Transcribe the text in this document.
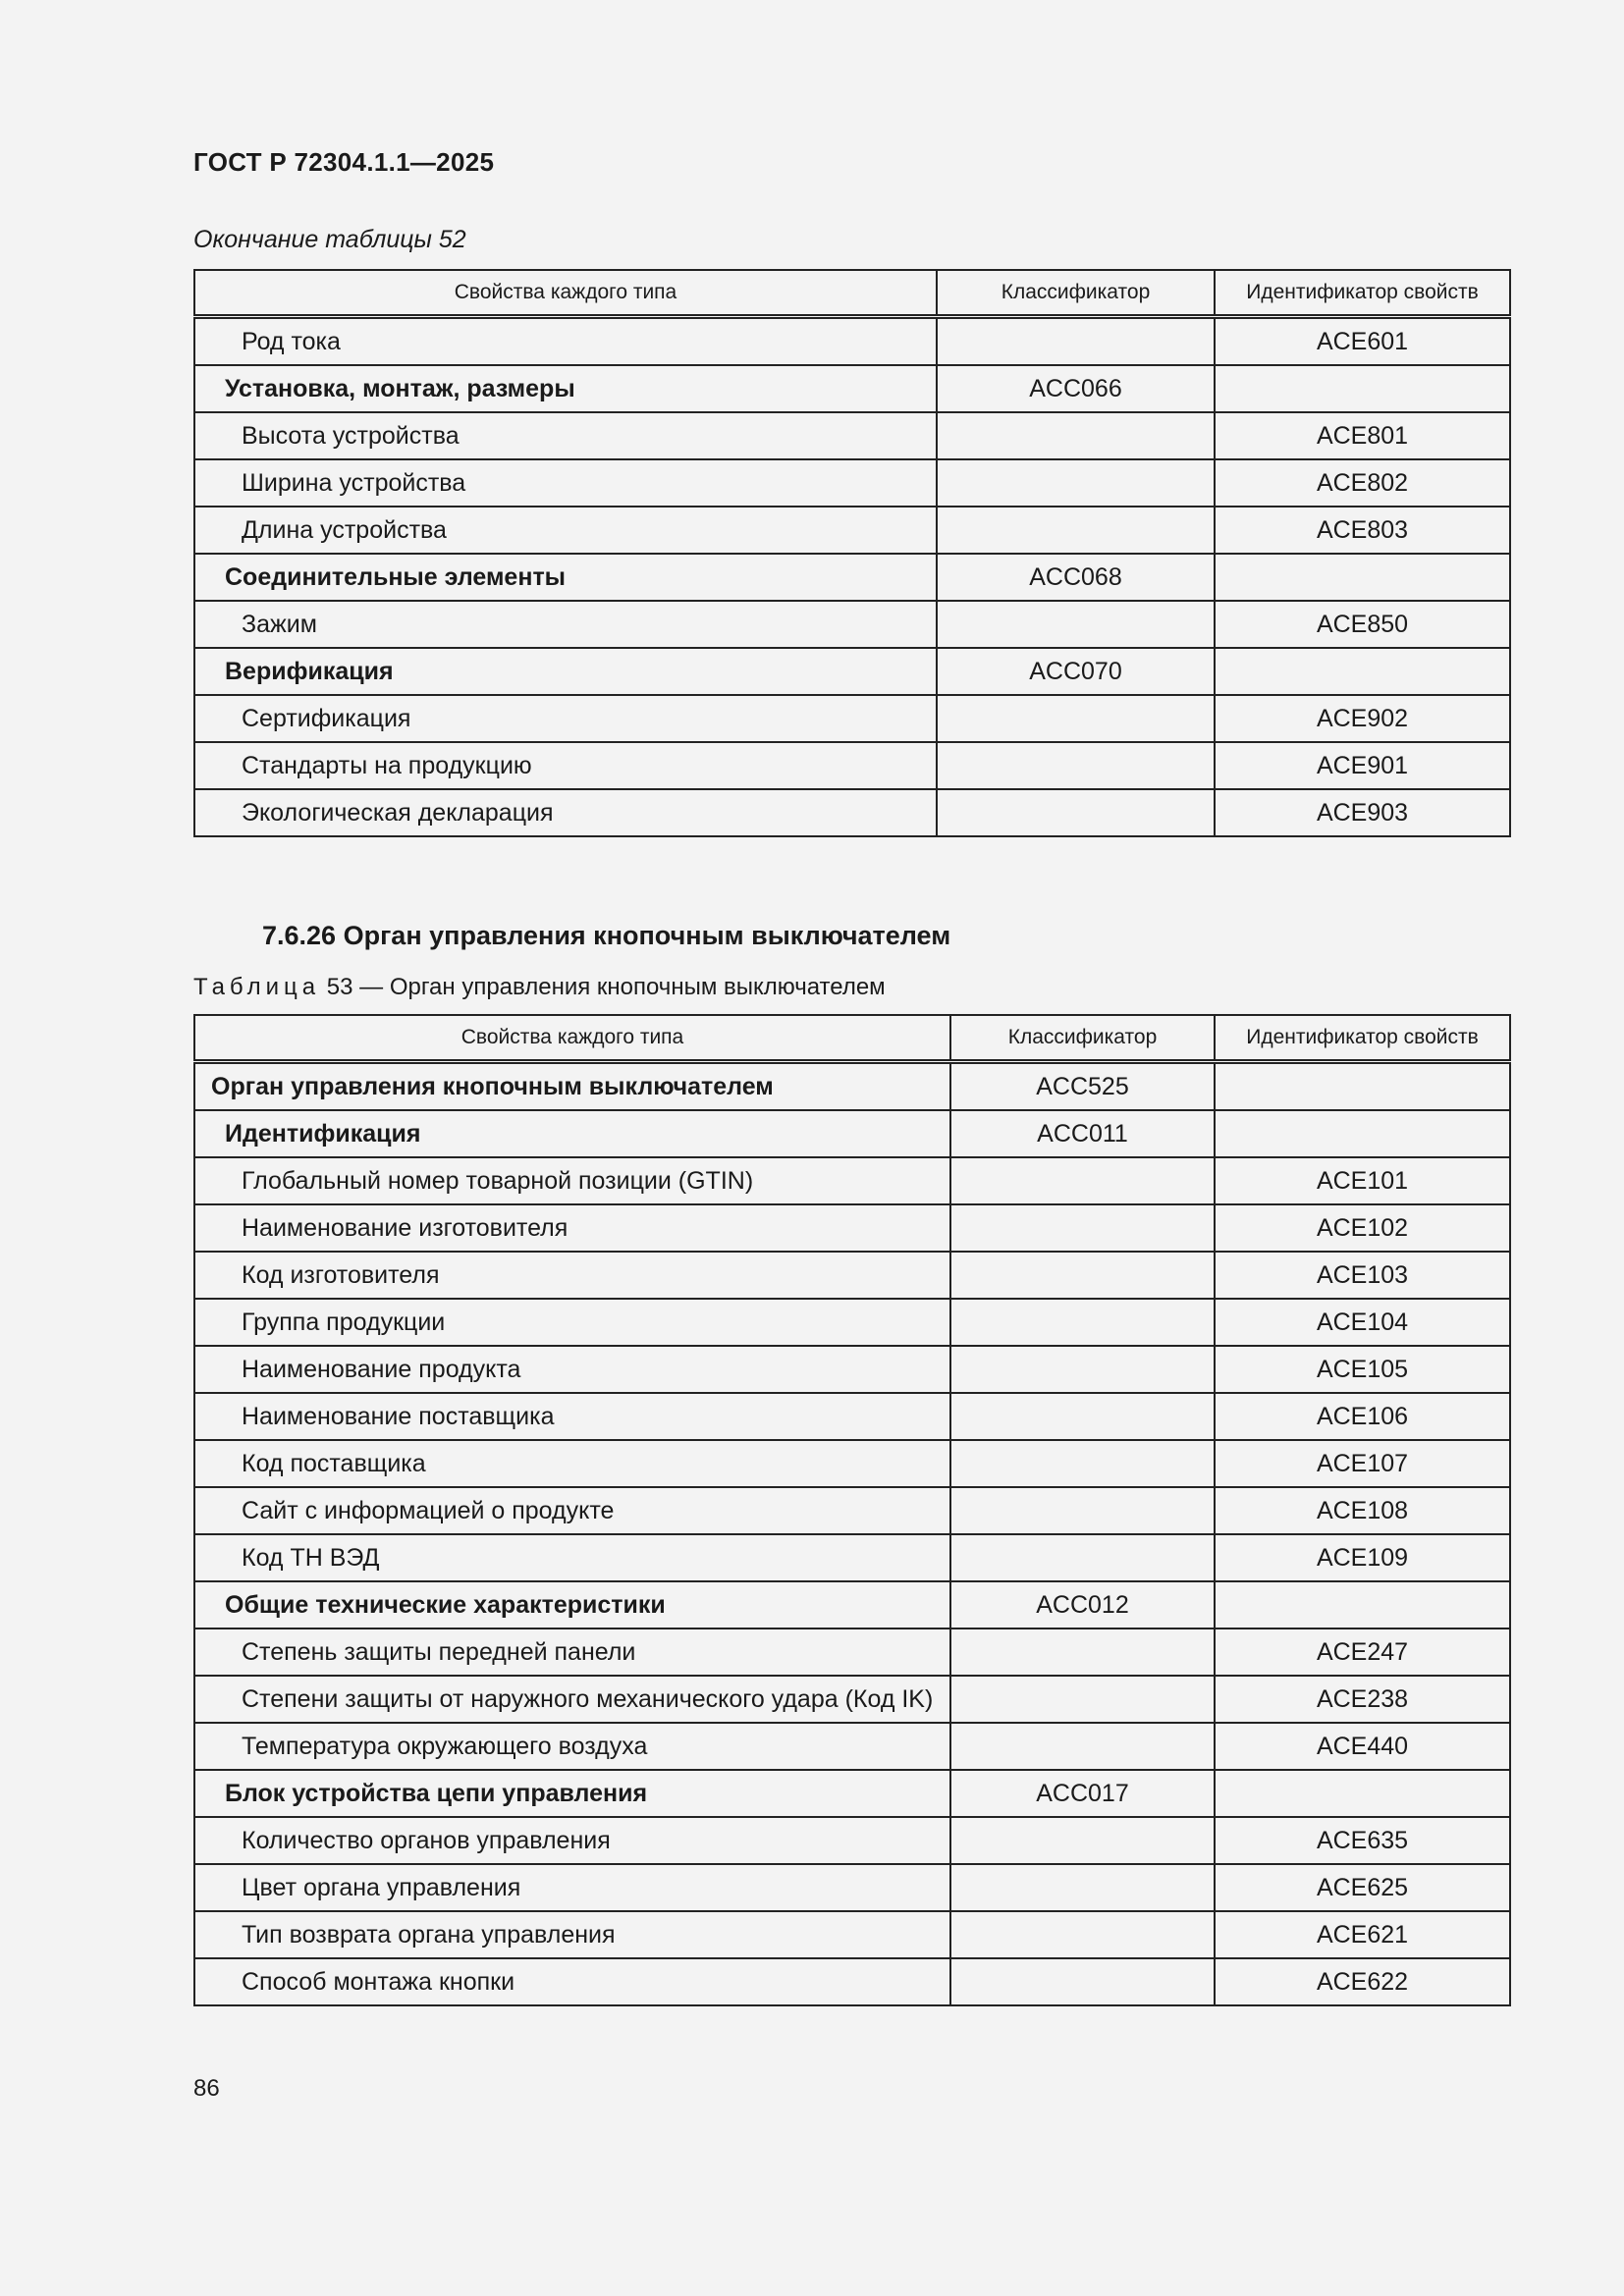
ГОСТ Р 72304.1.1—2025
Окончание таблицы 52
Свойства каждого типа	Классификатор	Идентификатор свойств
Род тока		ACE601
Установка, монтаж, размеры	ACC066	
Высота устройства		ACE801
Ширина устройства		ACE802
Длина устройства		ACE803
Соединительные элементы	ACC068	
Зажим		ACE850
Верификация	ACC070	
Сертификация		ACE902
Стандарты на продукцию		ACE901
Экологическая декларация		ACE903
7.6.26 Орган управления кнопочным выключателем
Таблица 53 — Орган управления кнопочным выключателем
Свойства каждого типа	Классификатор	Идентификатор свойств
Орган управления кнопочным выключателем	ACC525	
Идентификация	ACC011	
Глобальный номер товарной позиции (GTIN)		ACE101
Наименование изготовителя		ACE102
Код изготовителя		ACE103
Группа продукции		ACE104
Наименование продукта		ACE105
Наименование поставщика		ACE106
Код поставщика		ACE107
Сайт с информацией о продукте		ACE108
Код ТН ВЭД		ACE109
Общие технические характеристики	ACC012	
Степень защиты передней панели		ACE247
Степени защиты от наружного механического удара (Код IK)		ACE238
Температура окружающего воздуха		ACE440
Блок устройства цепи управления	ACC017	
Количество органов управления		ACE635
Цвет органа управления		ACE625
Тип возврата органа управления		ACE621
Способ монтажа кнопки		ACE622
86
